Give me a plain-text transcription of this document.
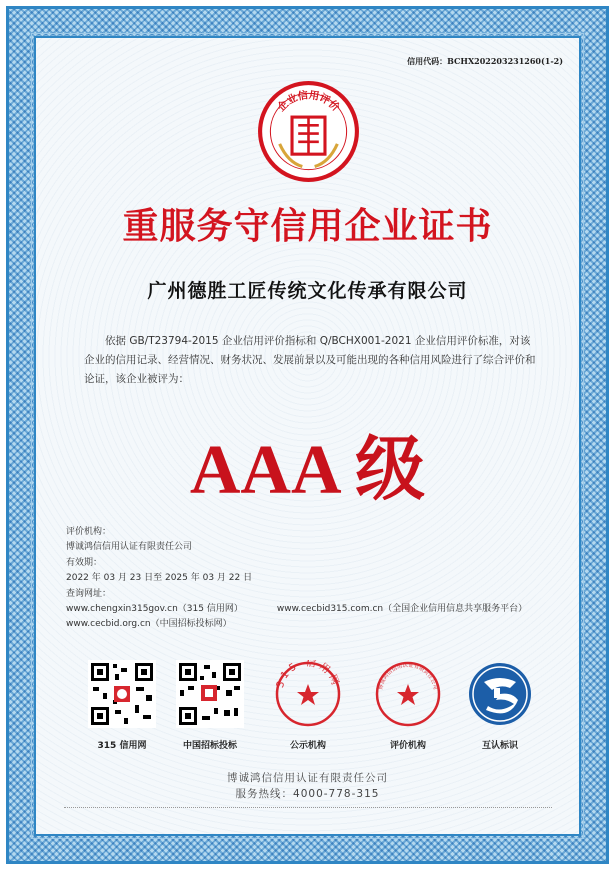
信用代码：BCHX202203231260(1-2)
企业信用评价
重服务守信用企业证书
广州德胜工匠传统文化传承有限公司
依据 GB/T23794-2015 企业信用评价指标和 Q/BCHX001-2021 企业信用评价标准，对该企业的信用记录、经营情况、财务状况、发展前景以及可能出现的各种信用风险进行了综合评价和论证，该企业被评为：
AAA 级
评价机构：
博诚鸿信信用认证有限责任公司
有效期：
2022 年 03 月 23 日至 2025 年 03 月 22 日
查询网址：
www.chengxin315gov.cn（315 信用网）	www.cecbid315.com.cn（全国企业信用信息共享服务平台）
www.cecbid.org.cn（中国招标投标网）
315 信用网	中国招标投标
315 信用网
公示机构
博诚鸿信信用认证有限责任公司
评价机构	互认标识
博诚鸿信信用认证有限责任公司
服务热线：4000-778-315
